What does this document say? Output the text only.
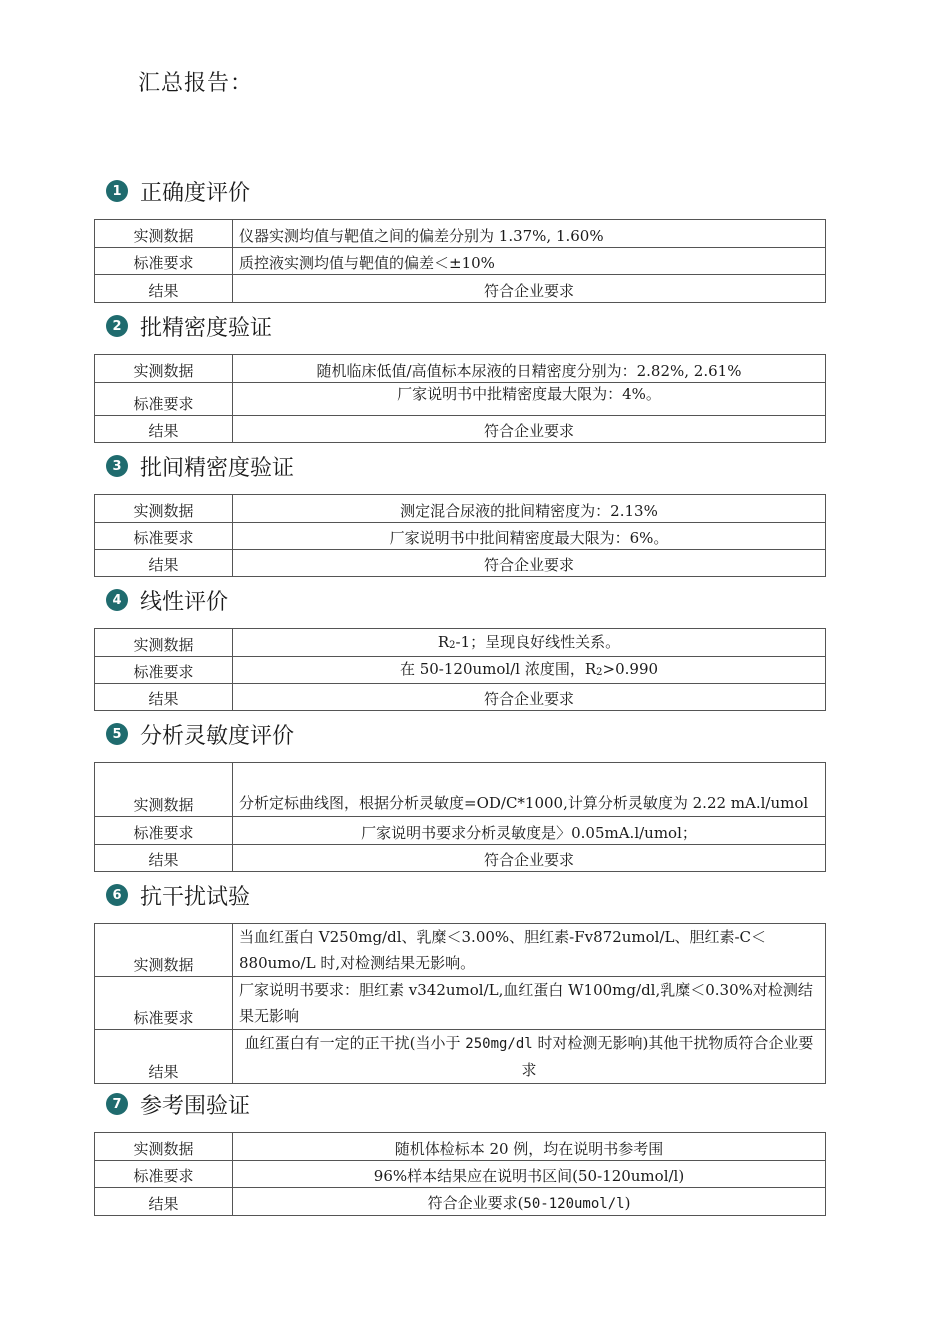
汇总报告：
1 正确度评价
实测数据	仪器实测均值与靶值之间的偏差分别为 1.37%, 1.60%
标准要求	质控液实测均值与靶值的偏差＜±10%
结果	符合企业要求
2 批精密度验证
实测数据	随机临床低值/高值标本尿液的日精密度分别为：2.82%, 2.61%
标准要求	厂家说明书中批精密度最大限为：4%。
结果	符合企业要求
3 批间精密度验证
实测数据	测定混合尿液的批间精密度为：2.13%
标准要求	厂家说明书中批间精密度最大限为：6%。
结果	符合企业要求
4 线性评价
实测数据	$R_2-1$；呈现良好线性关系。
标准要求	在 50-120umol/l 浓度围，$R_2>0.990$
结果	符合企业要求
5 分析灵敏度评价
实测数据	分析定标曲线图，根据分析灵敏度=OD/C*1000,计算分析灵敏度为 2.22 mA.l/umol
标准要求	厂家说明书要求分析灵敏度是〉0.05mA.l/umol；
结果	符合企业要求
6 抗干扰试验
实测数据	当血红蛋白 V250mg/dl、乳糜＜3.00%、胆红素-Fv872umol/L、胆红素-C＜880umo/L 时,对检测结果无影响。
标准要求	厂家说明书要求：胆红素 v342umol/L,血红蛋白 W100mg/dl,乳糜＜0.30%对检测结果无影响
结果	血红蛋白有一定的正干扰(当小于 250mg/dl 时对检测无影响)其他干扰物质符合企业要求
7 参考围验证
实测数据	随机体检标本 20 例，均在说明书参考围
标准要求	96%样本结果应在说明书区间(50-120umol/l)
结果	符合企业要求(50-120umol/l)
